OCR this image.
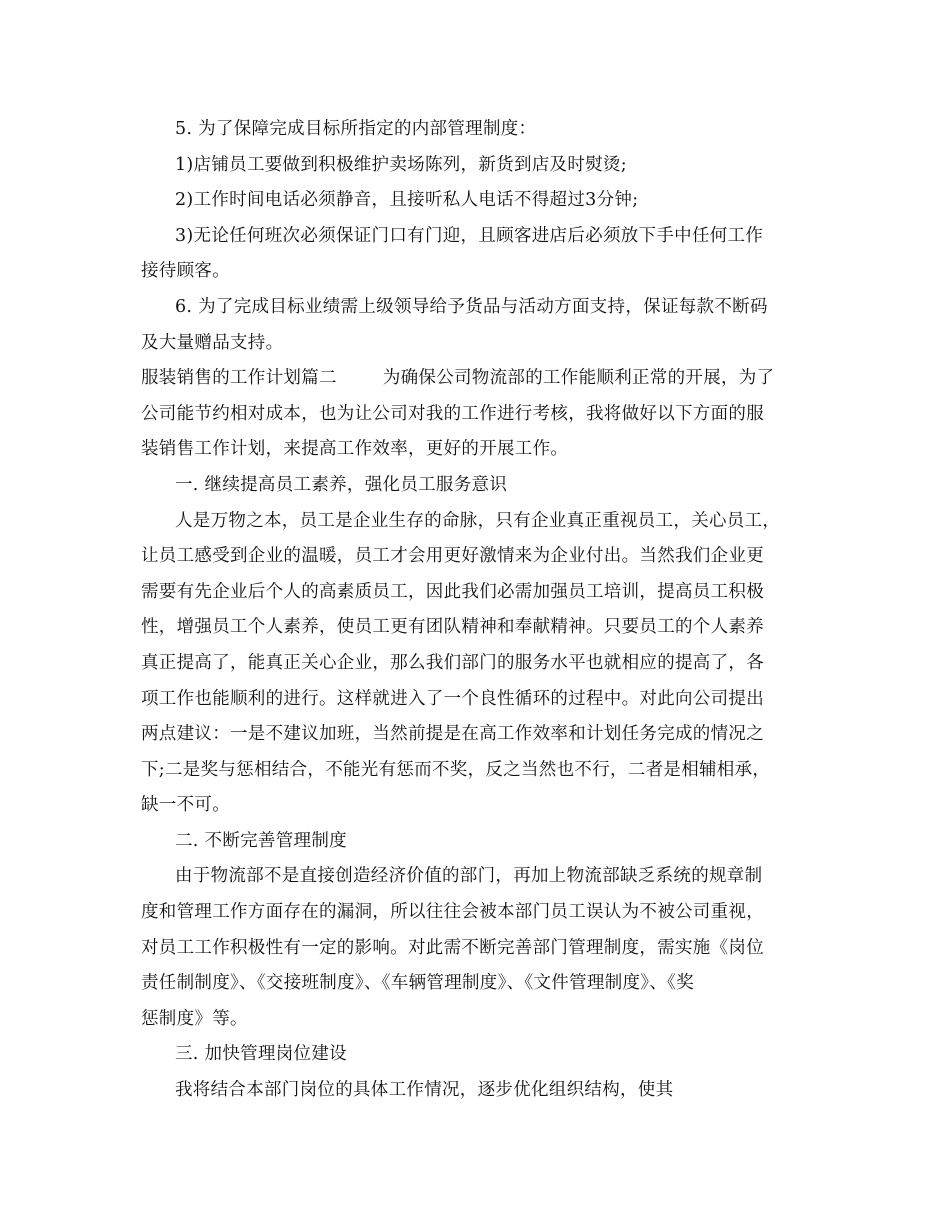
5. 为了保障完成目标所指定的内部管理制度：
1)店铺员工要做到积极维护卖场陈列，新货到店及时熨烫;
2)工作时间电话必须静音，且接听私人电话不得超过3分钟;
3)无论任何班次必须保证门口有门迎，且顾客进店后必须放下手中任何工作
接待顾客。
6. 为了完成目标业绩需上级领导给予货品与活动方面支持，保证每款不断码
及大量赠品支持。
服装销售的工作计划篇二	为确保公司物流部的工作能顺利正常的开展，为了
公司能节约相对成本，也为让公司对我的工作进行考核，我将做好以下方面的服
装销售工作计划，来提高工作效率，更好的开展工作。
一. 继续提高员工素养，强化员工服务意识
人是万物之本，员工是企业生存的命脉，只有企业真正重视员工，关心员工，
让员工感受到企业的温暖，员工才会用更好激情来为企业付出。当然我们企业更
需要有先企业后个人的高素质员工，因此我们必需加强员工培训，提高员工积极
性，增强员工个人素养，使员工更有团队精神和奉献精神。只要员工的个人素养
真正提高了，能真正关心企业，那么我们部门的服务水平也就相应的提高了，各
项工作也能顺利的进行。这样就进入了一个良性循环的过程中。对此向公司提出
两点建议：一是不建议加班，当然前提是在高工作效率和计划任务完成的情况之
下;二是奖与惩相结合，不能光有惩而不奖，反之当然也不行，二者是相辅相承，
缺一不可。
二. 不断完善管理制度
由于物流部不是直接创造经济价值的部门，再加上物流部缺乏系统的规章制
度和管理工作方面存在的漏洞，所以往往会被本部门员工误认为不被公司重视，
对员工工作积极性有一定的影响。对此需不断完善部门管理制度，需实施《岗位
责任制制度》、《交接班制度》、《车辆管理制度》、《文件管理制度》、《奖
惩制度》等。
三. 加快管理岗位建设
我将结合本部门岗位的具体工作情况，逐步优化组织结构，使其
